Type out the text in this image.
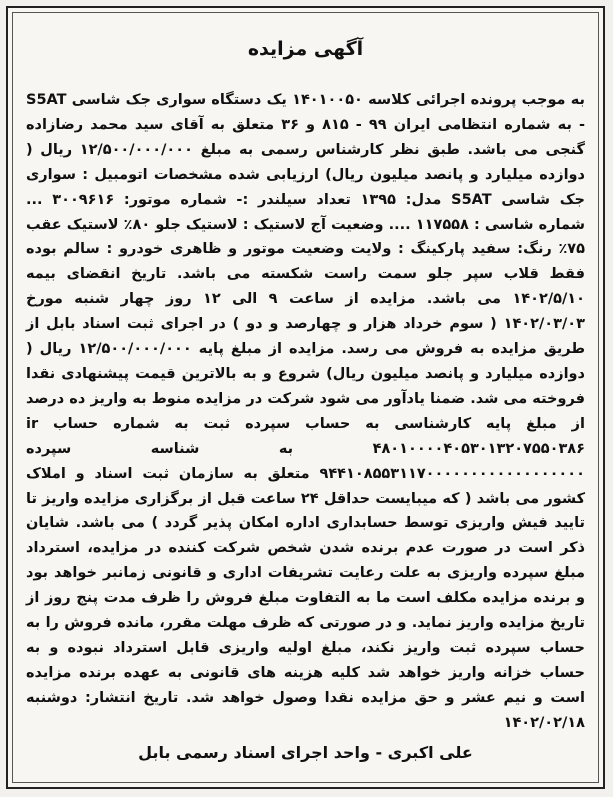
آگهی مزایده
به موجب پرونده اجرائی کلاسه ۱۴۰۱۰۰۵۰ یک دستگاه سواری جک شاسی S5AT - به شماره انتظامی ایران ۹۹ - ۸۱۵ و ۳۶ متعلق به آقای سید محمد رضازاده گنجی می باشد. طبق نظر کارشناس رسمی به مبلغ ۱۲/۵۰۰/۰۰۰/۰۰۰ ریال ( دوازده میلیارد و پانصد میلیون ریال) ارزیابی شده مشخصات اتومبیل : سواری جک شاسی S5AT مدل: ۱۳۹۵ تعداد سیلندر :- شماره موتور: ۳۰۰۹۶۱۶ ... شماره شاسی : ۱۱۷۵۵۸ .... وضعیت آج لاستیک : لاستیک جلو ۸۰٪ لاستیک عقب ۷۵٪ رنگ: سفید پارکینگ : ولایت وضعیت موتور و ظاهری خودرو : سالم بوده فقط قلاب سپر جلو سمت راست شکسته می باشد. تاریخ انقضای بیمه ۱۴۰۲/۵/۱۰ می باشد. مزایده از ساعت ۹ الی ۱۲ روز چهار شنبه مورخ ۱۴۰۲/۰۳/۰۳ ( سوم خرداد هزار و چهارصد و دو ) در اجرای ثبت اسناد بابل از طریق مزایده به فروش می رسد. مزایده از مبلغ پایه ۱۲/۵۰۰/۰۰۰/۰۰۰ ریال ( دوازده میلیارد و پانصد میلیون ریال) شروع و به بالاترین قیمت پیشنهادی نقدا فروخته می شد. ضمنا یادآور می شود شرکت در مزایده منوط به واریز ده درصد از مبلغ پایه کارشناسی به حساب سپرده ثبت به شماره حساب ir ۴۸۰۱۰۰۰۰۴۰۵۳۰۱۳۲۰۷۵۵۰۳۸۶ به شناسه سپرده ۹۴۴۱۰۸۵۵۳۱۱۷۰۰۰۰۰۰۰۰۰۰۰۰۰۰۰۰۰۰ متعلق به سازمان ثبت اسناد و املاک کشور می باشد ( که میبایست حداقل ۲۴ ساعت قبل از برگزاری مزایده واریز تا تایید فیش واریزی توسط حسابداری اداره امکان پذیر گردد ) می باشد. شایان ذکر است در صورت عدم برنده شدن شخص شرکت کننده در مزایده، استرداد مبلغ سپرده واریزی به علت رعایت تشریفات اداری و قانونی زمانبر خواهد بود و برنده مزایده مکلف است ما به التفاوت مبلغ فروش را ظرف مدت پنج روز از تاریخ مزایده واریز نماید. و در صورتی که ظرف مهلت مقرر، مانده فروش را به حساب سپرده ثبت واریز نکند، مبلغ اولیه واریزی قابل استرداد نبوده و به حساب خزانه واریز خواهد شد کلیه هزینه های قانونی به عهده برنده مزایده است و نیم عشر و حق مزایده نقدا وصول خواهد شد. تاریخ انتشار: دوشنبه ۱۴۰۲/۰۲/۱۸
علی اکبری - واحد اجرای اسناد رسمی بابل
